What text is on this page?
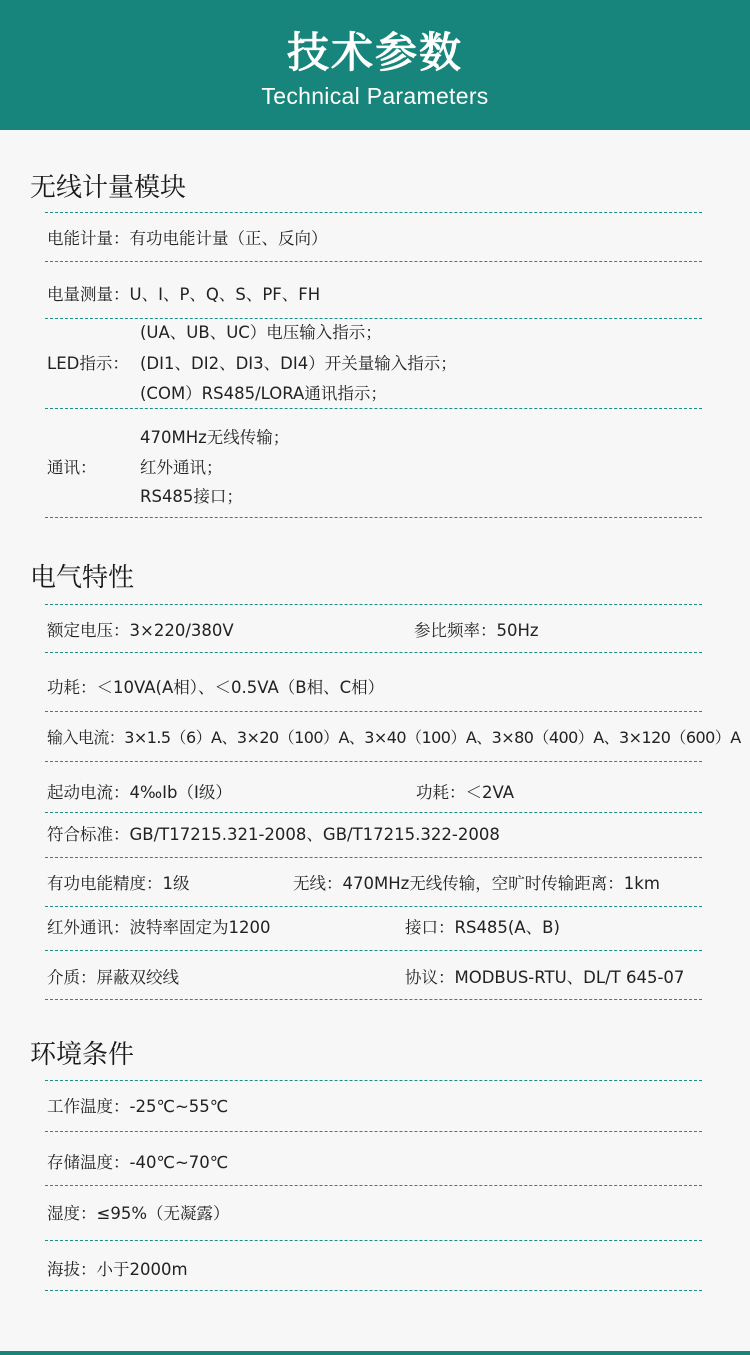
技术参数
Technical Parameters
无线计量模块
电能计量：有功电能计量（正、反向）
电量测量：U、I、P、Q、S、PF、FH
LED指示：
(UA、UB、UC）电压输入指示；
(DI1、DI2、DI3、DI4）开关量输入指示；
(COM）RS485/LORA通讯指示；
通讯：
470MHz无线传输；
红外通讯；
RS485接口；
电气特性
额定电压：3×220/380V	参比频率：50Hz
功耗：＜10VA(A相）、＜0.5VA（B相、C相）
输入电流：3×1.5（6）A、3×20（100）A、3×40（100）A、3×80（400）A、3×120（600）A
起动电流：4‰Ib（Ⅰ级）	功耗：＜2VA
符合标准：GB/T17215.321-2008、GB/T17215.322-2008
有功电能精度：1级	无线：470MHz无线传输，空旷时传输距离：1km
红外通讯：波特率固定为1200	接口：RS485(A、B)
介质：屏蔽双绞线	协议：MODBUS-RTU、DL/T 645-07
环境条件
工作温度：-25℃~55℃
存储温度：-40℃~70℃
湿度：≤95%（无凝露）
海拔：小于2000m
